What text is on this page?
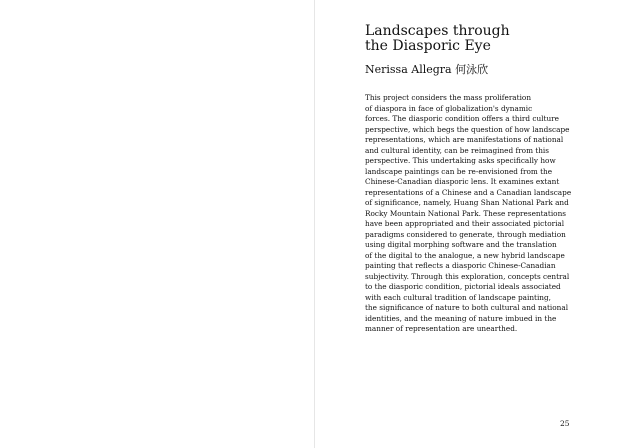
Landscapes through
the Diasporic Eye

Nerissa Allegra 何泳欣

This project considers the mass proliferation
of diaspora in face of globalization's dynamic
forces. The diasporic condition offers a third culture
perspective, which begs the question of how landscape
representations, which are manifestations of national
and cultural identity, can be reimagined from this
perspective. This undertaking asks specifically how
landscape paintings can be re-envisioned from the
Chinese-Canadian diasporic lens. It examines extant
representations of a Chinese and a Canadian landscape
of significance, namely, Huang Shan National Park and
Rocky Mountain National Park. These representations
have been appropriated and their associated pictorial
paradigms considered to generate, through mediation
using digital morphing software and the translation
of the digital to the analogue, a new hybrid landscape
painting that reflects a diasporic Chinese-Canadian
subjectivity. Through this exploration, concepts central
to the diasporic condition, pictorial ideals associated
with each cultural tradition of landscape painting,
the significance of nature to both cultural and national
identities, and the meaning of nature imbued in the
manner of representation are unearthed.

25
